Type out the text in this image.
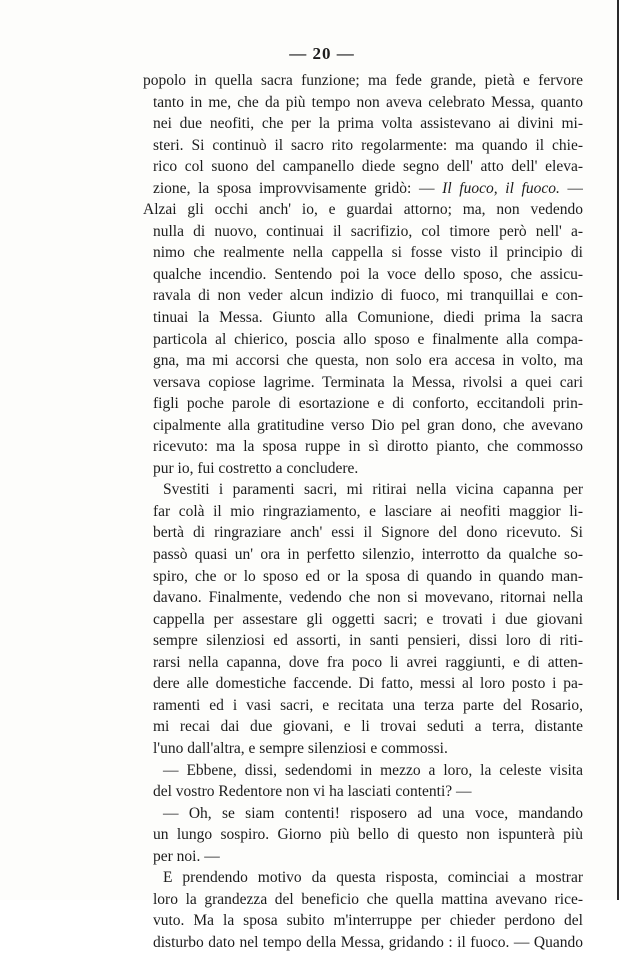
— 20 —
popolo in quella sacra funzione; ma fede grande, pietà e fervore
tanto in me, che da più tempo non aveva celebrato Messa, quanto
nei due neofiti, che per la prima volta assistevano ai divini mi-
steri. Si continuò il sacro rito regolarmente: ma quando il chie-
rico col suono del campanello diede segno dell' atto dell' eleva-
zione, la sposa improvvisamente gridò: — Il fuoco, il fuoco. —
Alzai gli occhi anch' io, e guardai attorno; ma, non vedendo
nulla di nuovo, continuai il sacrifizio, col timore però nell' a-
nimo che realmente nella cappella si fosse visto il principio di
qualche incendio. Sentendo poi la voce dello sposo, che assicu-
ravala di non veder alcun indizio di fuoco, mi tranquillai e con-
tinuai la Messa. Giunto alla Comunione, diedi prima la sacra
particola al chierico, poscia allo sposo e finalmente alla compa-
gna, ma mi accorsi che questa, non solo era accesa in volto, ma
versava copiose lagrime. Terminata la Messa, rivolsi a quei cari
figli poche parole di esortazione e di conforto, eccitandoli prin-
cipalmente alla gratitudine verso Dio pel gran dono, che avevano
ricevuto: ma la sposa ruppe in sì dirotto pianto, che commosso
pur io, fui costretto a concludere.
Svestiti i paramenti sacri, mi ritirai nella vicina capanna per
far colà il mio ringraziamento, e lasciare ai neofiti maggior li-
bertà di ringraziare anch' essi il Signore del dono ricevuto. Si
passò quasi un' ora in perfetto silenzio, interrotto da qualche so-
spiro, che or lo sposo ed or la sposa di quando in quando man-
davano. Finalmente, vedendo che non si movevano, ritornai nella
cappella per assestare gli oggetti sacri; e trovati i due giovani
sempre silenziosi ed assorti, in santi pensieri, dissi loro di riti-
rarsi nella capanna, dove fra poco li avrei raggiunti, e di atten-
dere alle domestiche faccende. Di fatto, messi al loro posto i pa-
ramenti ed i vasi sacri, e recitata una terza parte del Rosario,
mi recai dai due giovani, e li trovai seduti a terra, distante
l'uno dall'altra, e sempre silenziosi e commossi.
— Ebbene, dissi, sedendomi in mezzo a loro, la celeste visita
del vostro Redentore non vi ha lasciati contenti? —
— Oh, se siam contenti! risposero ad una voce, mandando
un lungo sospiro. Giorno più bello di questo non ispunterà più
per noi. —
E prendendo motivo da questa risposta, cominciai a mostrar
loro la grandezza del beneficio che quella mattina avevano rice-
vuto. Ma la sposa subito m'interruppe per chieder perdono del
disturbo dato nel tempo della Messa, gridando : il fuoco. — Quando
